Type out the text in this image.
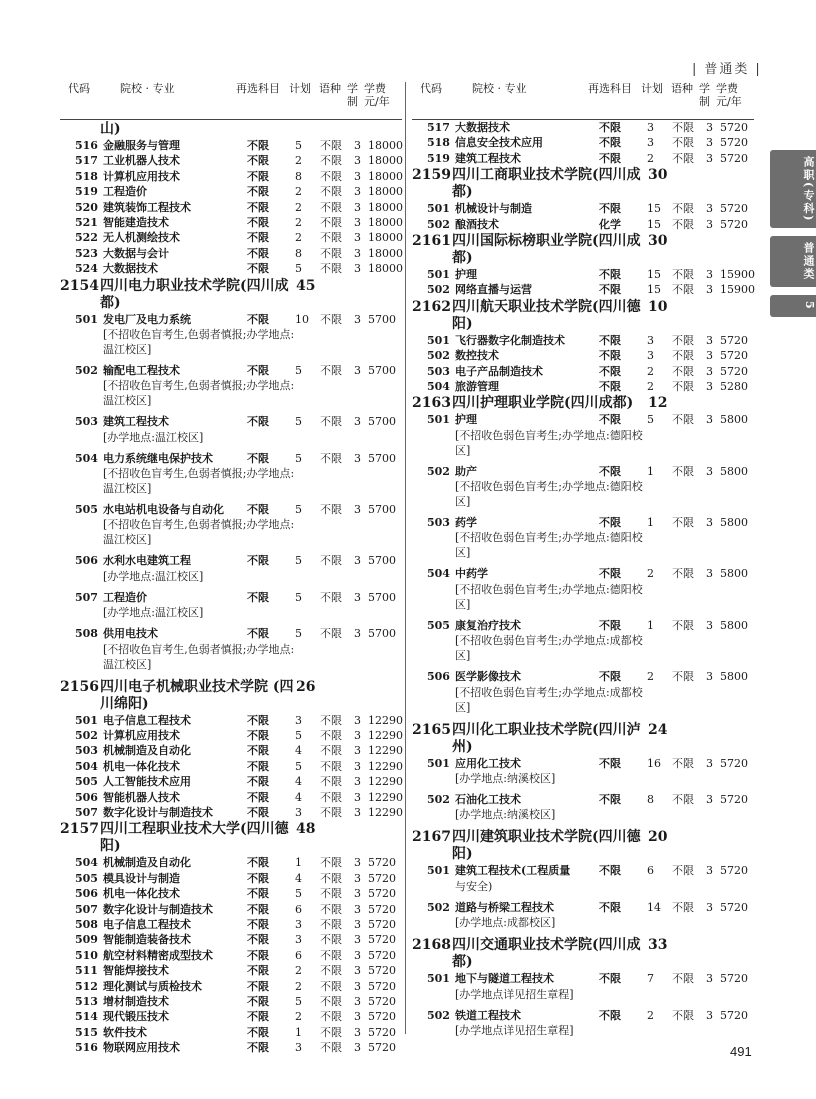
| 普通类 |
代码	院校 · 专业	再选科目 计划 语种 学 制
学费 元/年
山)
516 金融服务与管理	不限 5 不限 3 18000
517 工业机器人技术	不限 2 不限 3 18000
518 计算机应用技术	不限 8 不限 3 18000
519 工程造价	不限 2 不限 3 18000
520 建筑装饰工程技术	不限 2 不限 3 18000
521 智能建造技术	不限 2 不限 3 18000
522 无人机测绘技术	不限 2 不限 3 18000
523 大数据与会计	不限 8 不限 3 18000
524 大数据技术	不限 5 不限 3 18000
2154 四川电力职业技术学院(四川成都)
45
501 发电厂及电力系统	不限 10 不限 3 5700
[不招收色盲考生,色弱者慎报;办学地点:温江校区]
502 输配电工程技术	不限 5 不限 3 5700
[不招收色盲考生,色弱者慎报;办学地点:温江校区]
503 建筑工程技术	不限 5 不限 3 5700
[办学地点:温江校区]
504 电力系统继电保护技术	不限 5 不限 3 5700
[不招收色盲考生,色弱者慎报;办学地点:温江校区]
505 水电站机电设备与自动化 不限 5 不限 3 5700
[不招收色盲考生,色弱者慎报;办学地点:温江校区]
506 水利水电建筑工程	不限 5 不限 3 5700
[办学地点:温江校区]
507 工程造价	不限 5 不限 3 5700
[办学地点:温江校区]
508 供用电技术	不限 5 不限 3 5700
[不招收色盲考生,色弱者慎报;办学地点:温江校区]
2156 四川电子机械职业技术学院 (四川绵阳)
26
501 电子信息工程技术	不限 3 不限 3 12290
502 计算机应用技术	不限 5 不限 3 12290
503 机械制造及自动化	不限 4 不限 3 12290
504 机电一体化技术	不限 5 不限 3 12290
505 人工智能技术应用	不限 4 不限 3 12290
506 智能机器人技术	不限 4 不限 3 12290
507 数字化设计与制造技术	不限 3 不限 3 12290
2157 四川工程职业技术大学(四川德阳)
48
504 机械制造及自动化	不限 1 不限 3 5720
505 模具设计与制造	不限 4 不限 3 5720
506 机电一体化技术	不限 5 不限 3 5720
507 数字化设计与制造技术	不限 6 不限 3 5720
508 电子信息工程技术	不限 3 不限 3 5720
509 智能制造装备技术	不限 3 不限 3 5720
510 航空材料精密成型技术	不限 6 不限 3 5720
511 智能焊接技术	不限 2 不限 3 5720
512 理化测试与质检技术	不限 2 不限 3 5720
513 增材制造技术	不限 5 不限 3 5720
514 现代锻压技术	不限 2 不限 3 5720
515 软件技术	不限 1 不限 3 5720
516 物联网应用技术	不限 3 不限 3 5720
代码	院校 · 专业	再选科目 计划 语种 学 制
学费 元/年
517 大数据技术	不限 3 不限 3 5720
518 信息安全技术应用	不限 3 不限 3 5720
519 建筑工程技术	不限 2 不限 3 5720
2159 四川工商职业技术学院(四川成都)
30
501 机械设计与制造	不限 15 不限 3 5720
502 酿酒技术	化学 15 不限 3 5720
2161 四川国际标榜职业学院(四川成都)
30
501 护理	不限 15 不限 3 15900
502 网络直播与运营	不限 15 不限 3 15900
2162 四川航天职业技术学院(四川德阳)
10
501 飞行器数字化制造技术	不限 3 不限 3 5720
502 数控技术	不限 3 不限 3 5720
503 电子产品制造技术	不限 2 不限 3 5720
504 旅游管理	不限 2 不限 3 5280
2163 四川护理职业学院(四川成都)	12
501 护理	不限 5 不限 3 5800
[不招收色弱色盲考生;办学地点:德阳校区]
502 助产	不限 1 不限 3 5800
[不招收色弱色盲考生;办学地点:德阳校区]
503 药学	不限 1 不限 3 5800
[不招收色弱色盲考生;办学地点:德阳校区]
504 中药学	不限 2 不限 3 5800
[不招收色弱色盲考生;办学地点:德阳校区]
505 康复治疗技术	不限 1 不限 3 5800
[不招收色弱色盲考生;办学地点:成都校区]
506 医学影像技术	不限 2 不限 3 5800
[不招收色弱色盲考生;办学地点:成都校区]
2165 四川化工职业技术学院(四川泸州)
24
501 应用化工技术	不限 16 不限 3 5720
[办学地点:纳溪校区]
502 石油化工技术	不限 8 不限 3 5720
[办学地点:纳溪校区]
2167 四川建筑职业技术学院(四川德阳)
20
501 建筑工程技术(工程质量	不限 6 不限 3 5720
与安全)
502 道路与桥梁工程技术	不限 14 不限 3 5720
[办学地点:成都校区]
2168 四川交通职业技术学院(四川成都)
33
501 地下与隧道工程技术	不限 7 不限 3 5720
[办学地点详见招生章程]
502 铁道工程技术	不限 2 不限 3 5720
[办学地点详见招生章程]
高职(专科)
普通类
5
491
